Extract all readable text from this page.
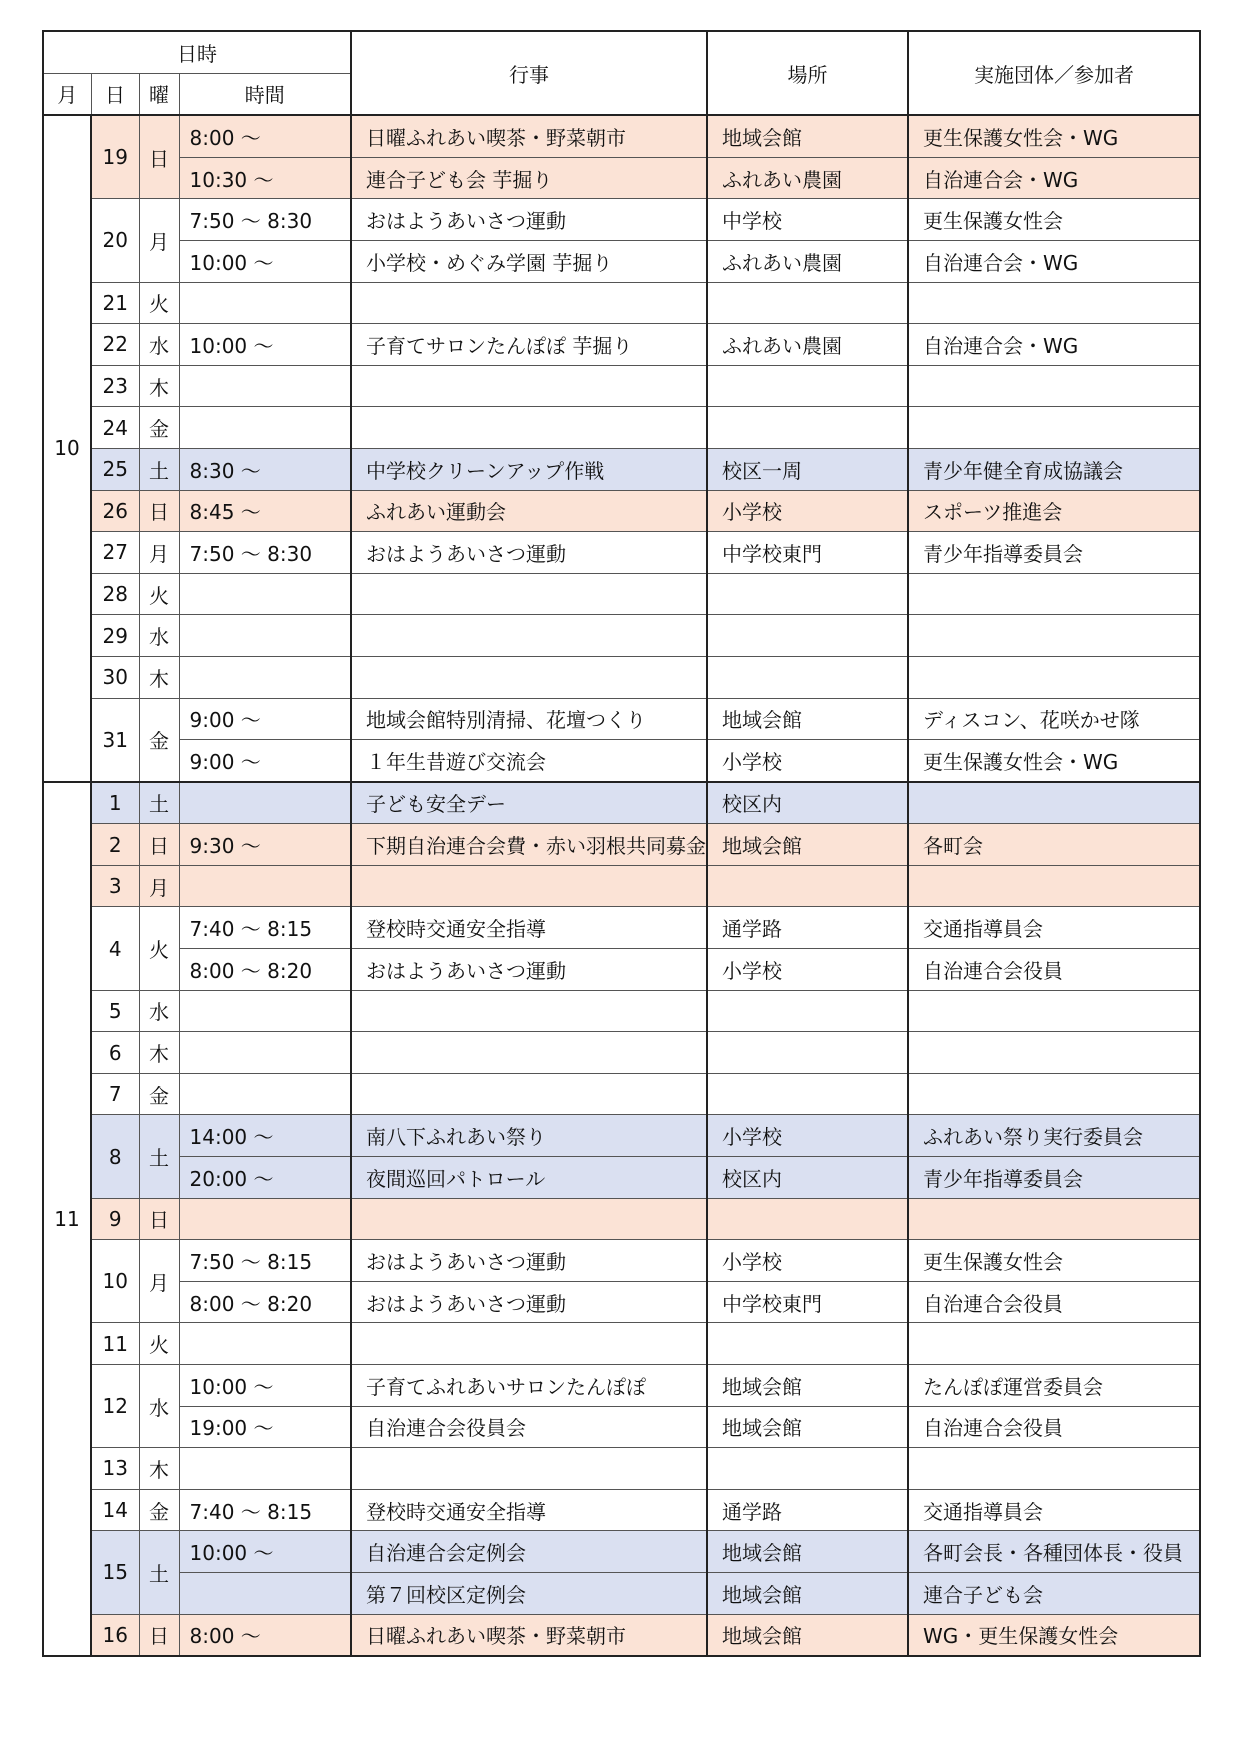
日時				行事	場所	実施団体／参加者
月	日	曜	時間			
10	19	日	8:00 ～	日曜ふれあい喫茶・野菜朝市	地域会館	更生保護女性会・WG
			10:30 ～	連合子ども会 芋掘り	ふれあい農園	自治連合会・WG
	20	月	7:50 ～ 8:30	おはようあいさつ運動	中学校	更生保護女性会
			10:00 ～	小学校・めぐみ学園 芋掘り	ふれあい農園	自治連合会・WG
	21	火				
	22	水	10:00 ～	子育てサロンたんぽぽ 芋掘り	ふれあい農園	自治連合会・WG
	23	木				
	24	金				
	25	土	8:30 ～	中学校クリーンアップ作戦	校区一周	青少年健全育成協議会
	26	日	8:45 ～	ふれあい運動会	小学校	スポーツ推進会
	27	月	7:50 ～ 8:30	おはようあいさつ運動	中学校東門	青少年指導委員会
	28	火				
	29	水				
	30	木				
	31	金	9:00 ～	地域会館特別清掃、花壇つくり	地域会館	ディスコン、花咲かせ隊
			9:00 ～	１年生昔遊び交流会	小学校	更生保護女性会・WG
11	1	土		子ども安全デー	校区内	
	2	日	9:30 ～	下期自治連合会費・赤い羽根共同募金	地域会館	各町会
	3	月				
	4	火	7:40 ～ 8:15	登校時交通安全指導	通学路	交通指導員会
			8:00 ～ 8:20	おはようあいさつ運動	小学校	自治連合会役員
	5	水				
	6	木				
	7	金				
	8	土	14:00 ～	南八下ふれあい祭り	小学校	ふれあい祭り実行委員会
			20:00 ～	夜間巡回パトロール	校区内	青少年指導委員会
	9	日				
	10	月	7:50 ～ 8:15	おはようあいさつ運動	小学校	更生保護女性会
			8:00 ～ 8:20	おはようあいさつ運動	中学校東門	自治連合会役員
	11	火				
	12	水	10:00 ～	子育てふれあいサロンたんぽぽ	地域会館	たんぽぽ運営委員会
			19:00 ～	自治連合会役員会	地域会館	自治連合会役員
	13	木				
	14	金	7:40 ～ 8:15	登校時交通安全指導	通学路	交通指導員会
	15	土	10:00 ～	自治連合会定例会	地域会館	各町会長・各種団体長・役員
				第７回校区定例会	地域会館	連合子ども会
	16	日	8:00 ～	日曜ふれあい喫茶・野菜朝市	地域会館	WG・更生保護女性会
